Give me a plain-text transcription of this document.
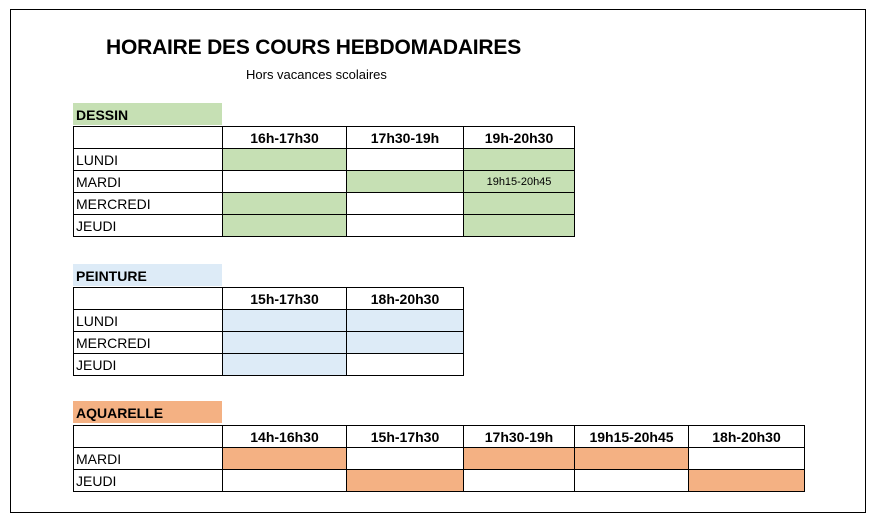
HORAIRE DES COURS HEBDOMADAIRES
Hors vacances scolaires
DESSIN
	16h-17h30	17h30-19h	19h-20h30
LUNDI			
MARDI			19h15-20h45
MERCREDI			
JEUDI			
PEINTURE
	15h-17h30	18h-20h30
LUNDI		
MERCREDI		
JEUDI		
AQUARELLE
	14h-16h30	15h-17h30	17h30-19h	19h15-20h45	18h-20h30
MARDI					
JEUDI					
